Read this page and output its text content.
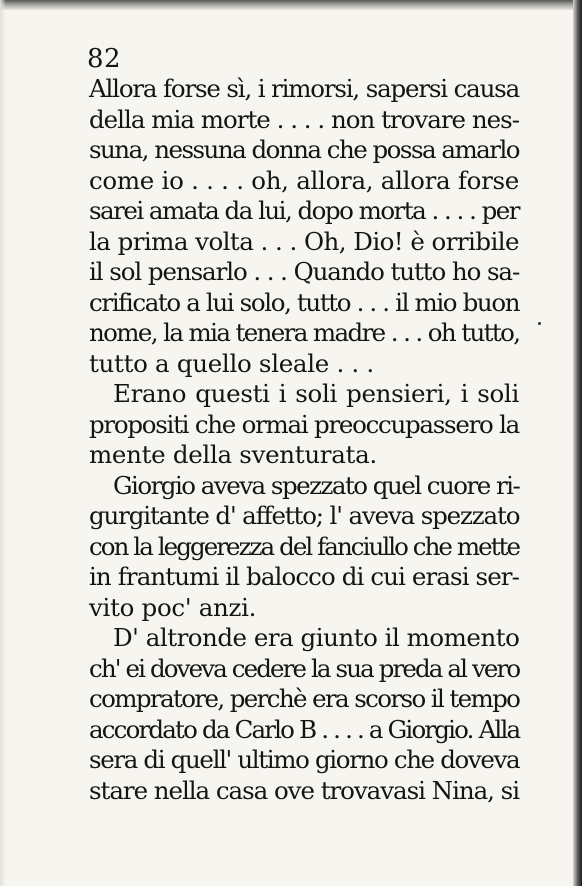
82
Allora forse sì, i rimorsi, sapersi causa
della mia morte . . . . non trovare nes-
suna, nessuna donna che possa amarlo
come io . . . . oh, allora, allora forse
sarei amata da lui, dopo morta . . . . per
la prima volta . . . Oh, Dio! è orribile
il sol pensarlo . . . Quando tutto ho sa-
crificato a lui solo, tutto . . . il mio buon
nome, la mia tenera madre . . . oh tutto,
tutto a quello sleale . . .
Erano questi i soli pensieri, i soli
propositi che ormai preoccupassero la
mente della sventurata.
Giorgio aveva spezzato quel cuore ri-
gurgitante d' affetto; l' aveva spezzato
con la leggerezza del fanciullo che mette
in frantumi il balocco di cui erasi ser-
vito poc' anzi.
D' altronde era giunto il momento
ch' ei doveva cedere la sua preda al vero
compratore, perchè era scorso il tempo
accordato da Carlo B . . . . a Giorgio. Alla
sera di quell' ultimo giorno che doveva
stare nella casa ove trovavasi Nina, si
